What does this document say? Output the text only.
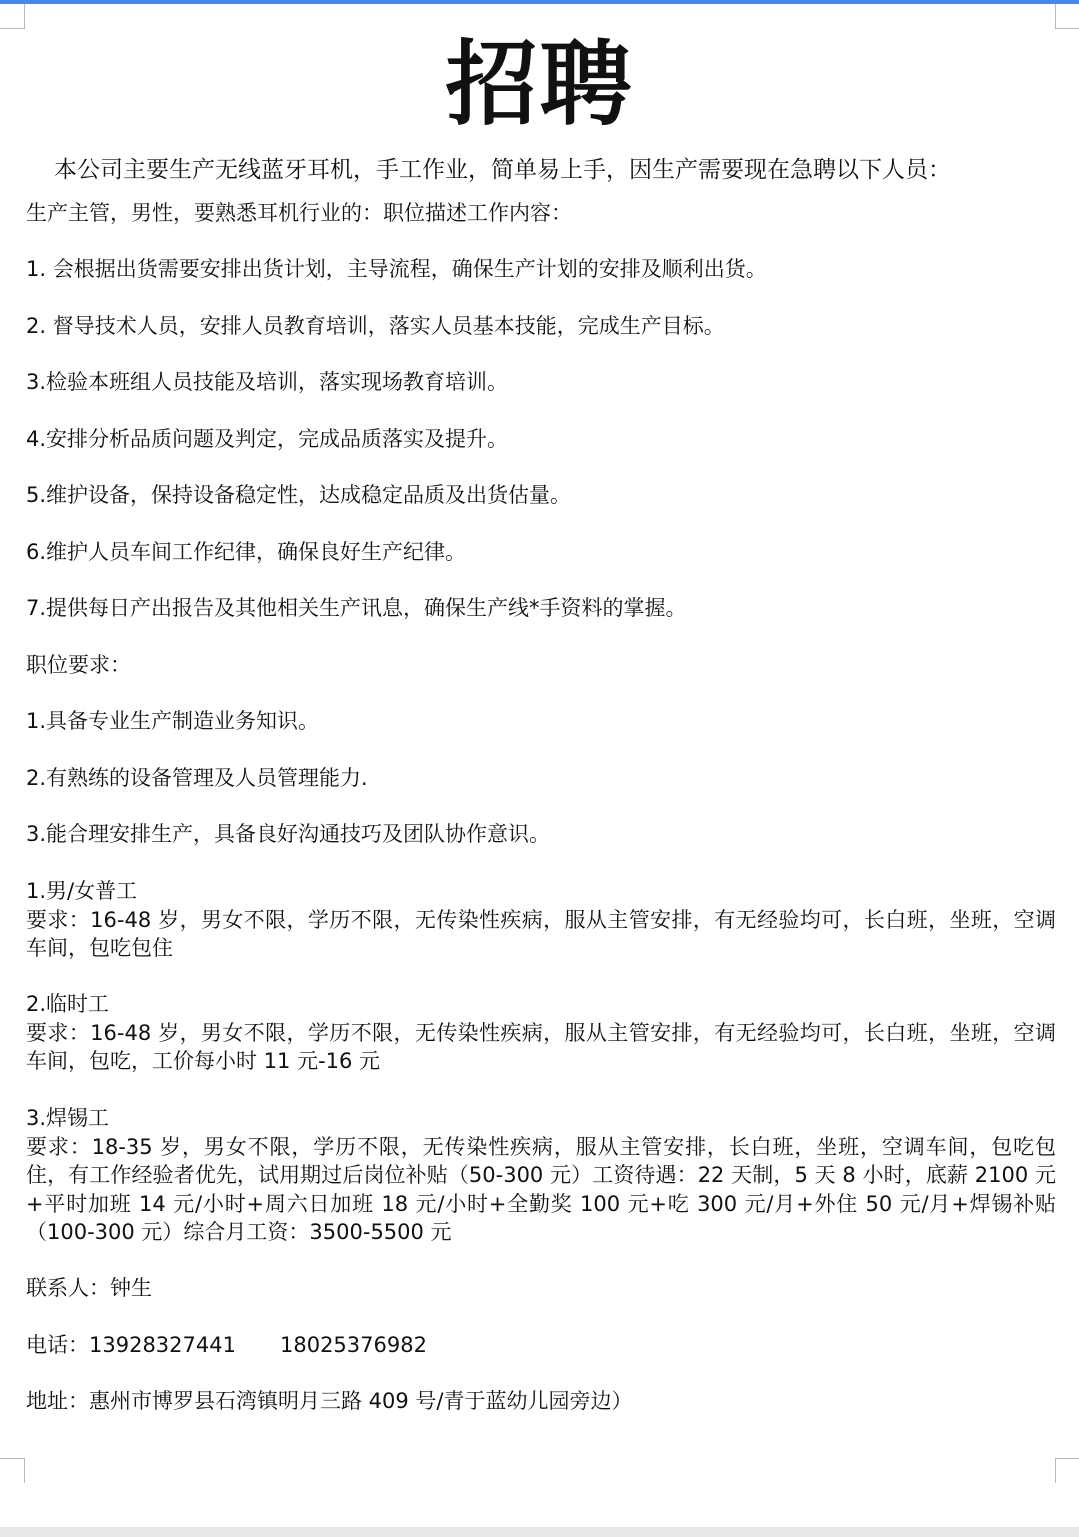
招聘
本公司主要生产无线蓝牙耳机，手工作业，简单易上手，因生产需要现在急聘以下人员：
生产主管，男性，要熟悉耳机行业的：职位描述工作内容：
1. 会根据出货需要安排出货计划，主导流程，确保生产计划的安排及顺利出货。
2. 督导技术人员，安排人员教育培训，落实人员基本技能，完成生产目标。
3.检验本班组人员技能及培训，落实现场教育培训。
4.安排分析品质问题及判定，完成品质落实及提升。
5.维护设备，保持设备稳定性，达成稳定品质及出货估量。
6.维护人员车间工作纪律，确保良好生产纪律。
7.提供每日产出报告及其他相关生产讯息，确保生产线*手资料的掌握。
职位要求：
1.具备专业生产制造业务知识。
2.有熟练的设备管理及人员管理能力.
3.能合理安排生产，具备良好沟通技巧及团队协作意识。
1.男/女普工
要求：16-48 岁，男女不限，学历不限，无传染性疾病，服从主管安排，有无经验均可，长白班，坐班，空调车间，包吃包住
2.临时工
要求：16-48 岁，男女不限，学历不限，无传染性疾病，服从主管安排，有无经验均可，长白班，坐班，空调车间，包吃，工价每小时 11 元-16 元
3.焊锡工
要求：18-35 岁，男女不限，学历不限，无传染性疾病，服从主管安排，长白班，坐班，空调车间，包吃包住，有工作经验者优先，试用期过后岗位补贴（50-300 元）工资待遇：22 天制，5 天 8 小时，底薪 2100 元+平时加班 14 元/小时+周六日加班 18 元/小时+全勤奖 100 元+吃 300 元/月+外住 50 元/月+焊锡补贴（100-300 元）综合月工资：3500-5500 元
联系人：钟生
电话：13928327441 18025376982
地址：惠州市博罗县石湾镇明月三路 409 号/青于蓝幼儿园旁边）
